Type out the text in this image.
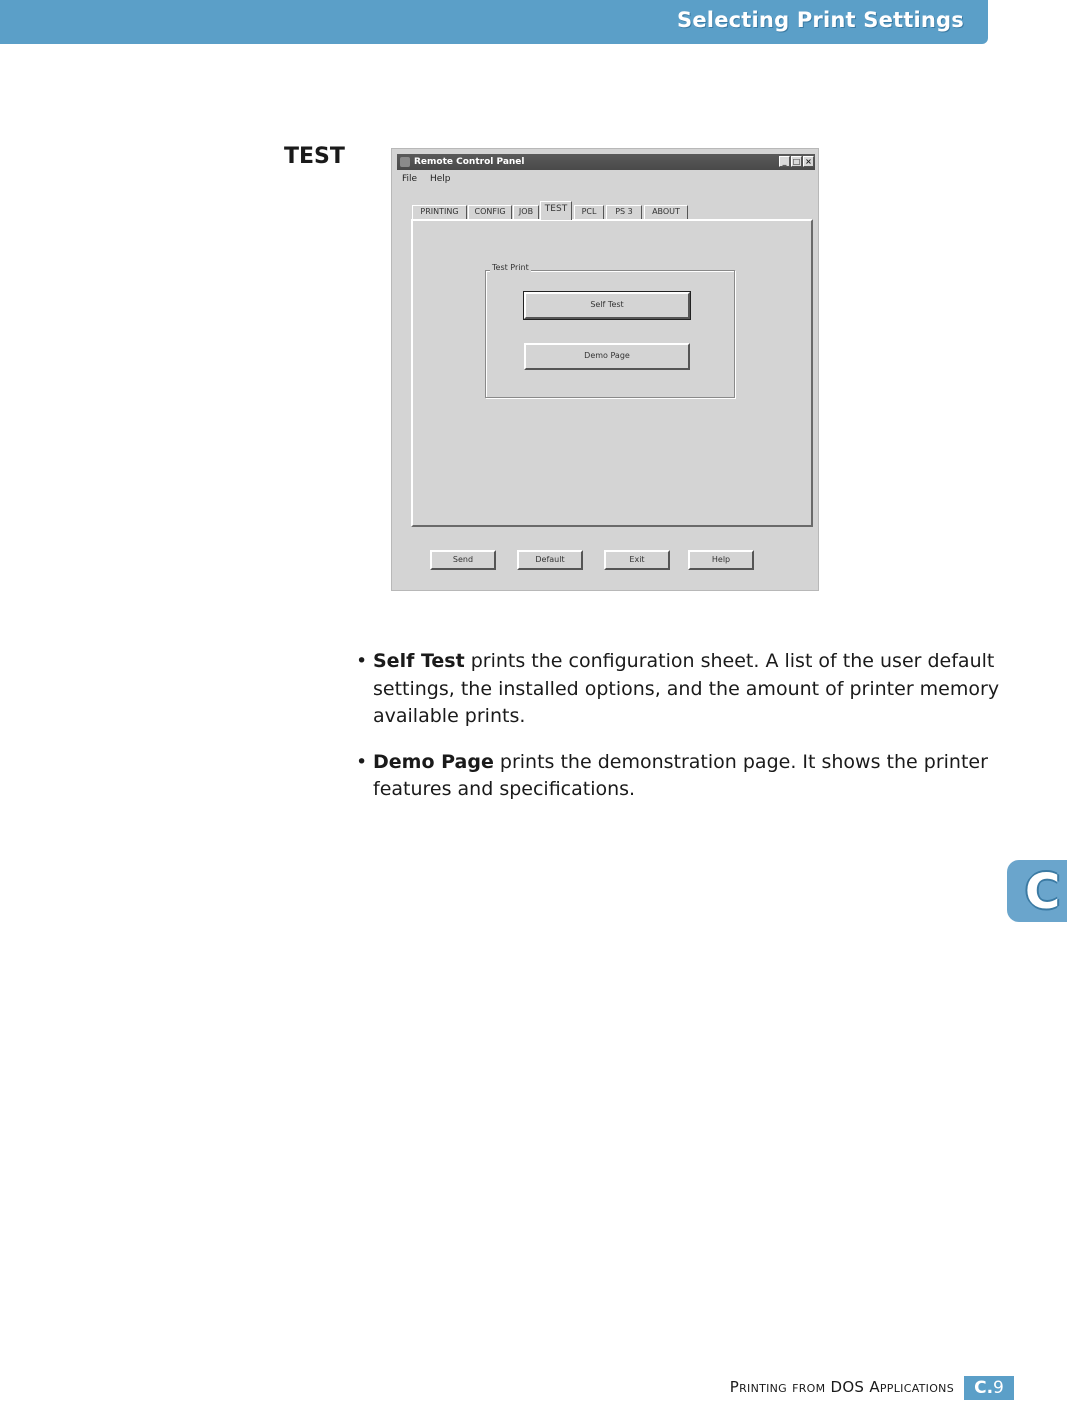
Selecting Print Settings
TEST	Remote Control Panel	_ □ ×
File Help
PRINTING	CONFIG	JOB	TEST	PCL	PS 3	ABOUT
Test Print
Self Test
Demo Page
Send	Default	Exit	Help
• Self Test prints the configuration sheet. A list of the user default settings, the installed options, and the amount of printer memory available prints.
• Demo Page prints the demonstration page. It shows the printer features and specifications.
C
Printing from DOS Applications	C.9
